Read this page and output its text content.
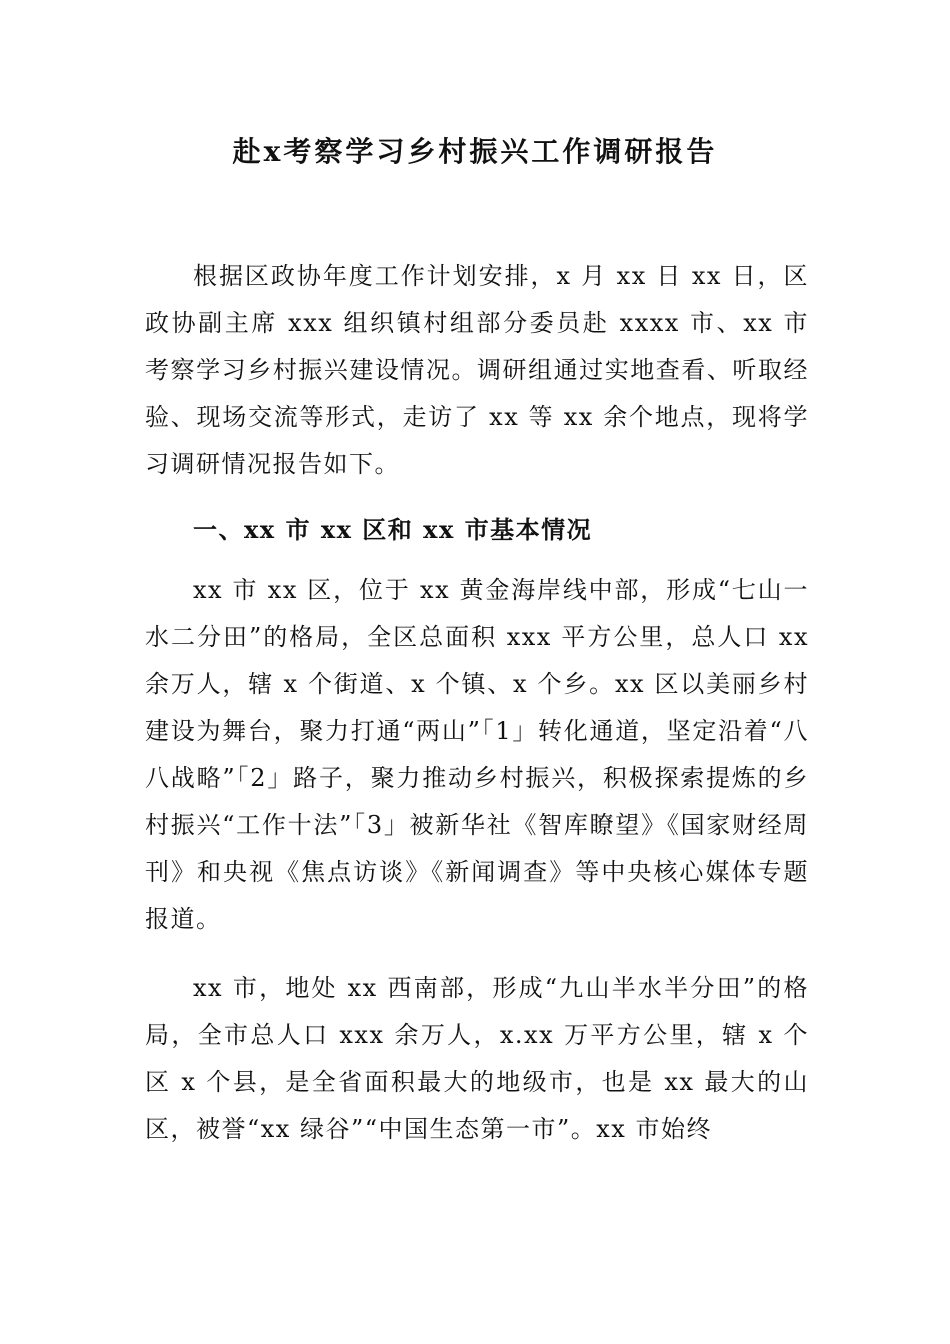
赴x考察学习乡村振兴工作调研报告

根据区政协年度工作计划安排，x 月 xx 日 xx 日，区政协副主席 xxx 组织镇村组部分委员赴 xxxx 市、xx 市考察学习乡村振兴建设情况。调研组通过实地查看、听取经验、现场交流等形式，走访了 xx 等 xx 余个地点，现将学习调研情况报告如下。

一、xx 市 xx 区和 xx 市基本情况

xx 市 xx 区，位于 xx 黄金海岸线中部，形成“七山一水二分田”的格局，全区总面积 xxx 平方公里，总人口 xx 余万人，辖 x 个街道、x 个镇、x 个乡。xx 区以美丽乡村建设为舞台，聚力打通“两山”「1」转化通道，坚定沿着“八八战略”「2」路子，聚力推动乡村振兴，积极探索提炼的乡村振兴“工作十法”「3」被新华社《智库瞭望》《国家财经周刊》和央视《焦点访谈》《新闻调查》等中央核心媒体专题报道。

xx 市，地处 xx 西南部，形成“九山半水半分田”的格局，全市总人口 xxx 余万人，x.xx 万平方公里，辖 x 个区 x 个县，是全省面积最大的地级市，也是 xx 最大的山区，被誉“xx 绿谷”“中国生态第一市”。xx 市始终
